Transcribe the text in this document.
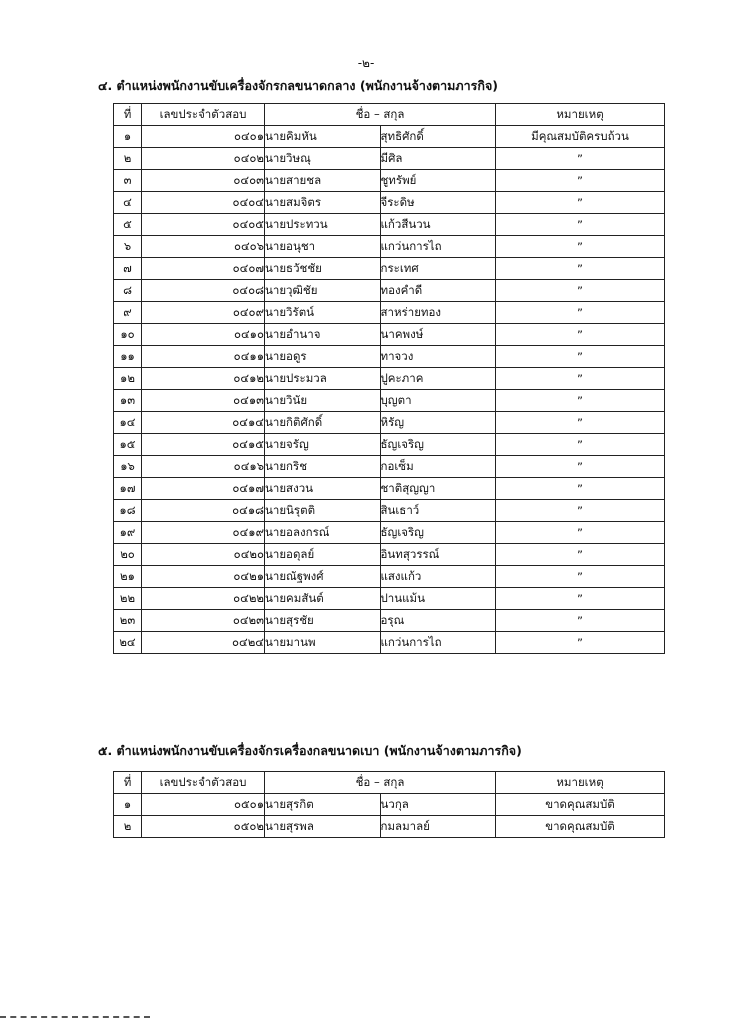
-๒-
๔. ตำแหน่งพนักงานขับเครื่องจักรกลขนาดกลาง (พนักงานจ้างตามภารกิจ)
ที่	เลขประจำตัวสอบ	ชื่อ – สกุล		หมายเหตุ
๑	๐๔๐๑	นายคิมหัน	สุทธิศักดิ์	มีคุณสมบัติครบถ้วน
๒	๐๔๐๒	นายวิษณุ	มีศิล	”
๓	๐๔๐๓	นายสายชล	ชูทรัพย์	”
๔	๐๔๐๔	นายสมจิตร	จีระดิษ	”
๕	๐๔๐๕	นายประทวน	แก้วสีนวน	”
๖	๐๔๐๖	นายอนุชา	แกว่นการไถ	”
๗	๐๔๐๗	นายธวัชชัย	กระเทศ	”
๘	๐๔๐๘	นายวุฒิชัย	ทองคำดี	”
๙	๐๔๐๙	นายวิรัตน์	สาหร่ายทอง	”
๑๐	๐๔๑๐	นายอำนาจ	นาคพงษ์	”
๑๑	๐๔๑๑	นายอดูร	ทาจวง	”
๑๒	๐๔๑๒	นายประมวล	ปูคะภาค	”
๑๓	๐๔๑๓	นายวินัย	บุญตา	”
๑๔	๐๔๑๔	นายกิติศักดิ์	หิรัญ	”
๑๕	๐๔๑๕	นายจรัญ	ธัญเจริญ	”
๑๖	๐๔๑๖	นายกริช	กอเซ็ม	”
๑๗	๐๔๑๗	นายสงวน	ชาติสุญญา	”
๑๘	๐๔๑๘	นายนิรุตติ	สินเธาว์	”
๑๙	๐๔๑๙	นายอลงกรณ์	ธัญเจริญ	”
๒๐	๐๔๒๐	นายอดุลย์	อินทสุวรรณ์	”
๒๑	๐๔๒๑	นายณัฐพงศ์	แสงแก้ว	”
๒๒	๐๔๒๒	นายคมสันต์	ปานแม้น	”
๒๓	๐๔๒๓	นายสุรชัย	อรุณ	”
๒๔	๐๔๒๔	นายมานพ	แกว่นการไถ	”
๕. ตำแหน่งพนักงานขับเครื่องจักรเครื่องกลขนาดเบา (พนักงานจ้างตามภารกิจ)
ที่	เลขประจำตัวสอบ	ชื่อ – สกุล		หมายเหตุ
๑	๐๕๐๑	นายสุรกิต	นวกุล	ขาดคุณสมบัติ
๒	๐๕๐๒	นายสุรพล	กมลมาลย์	ขาดคุณสมบัติ
